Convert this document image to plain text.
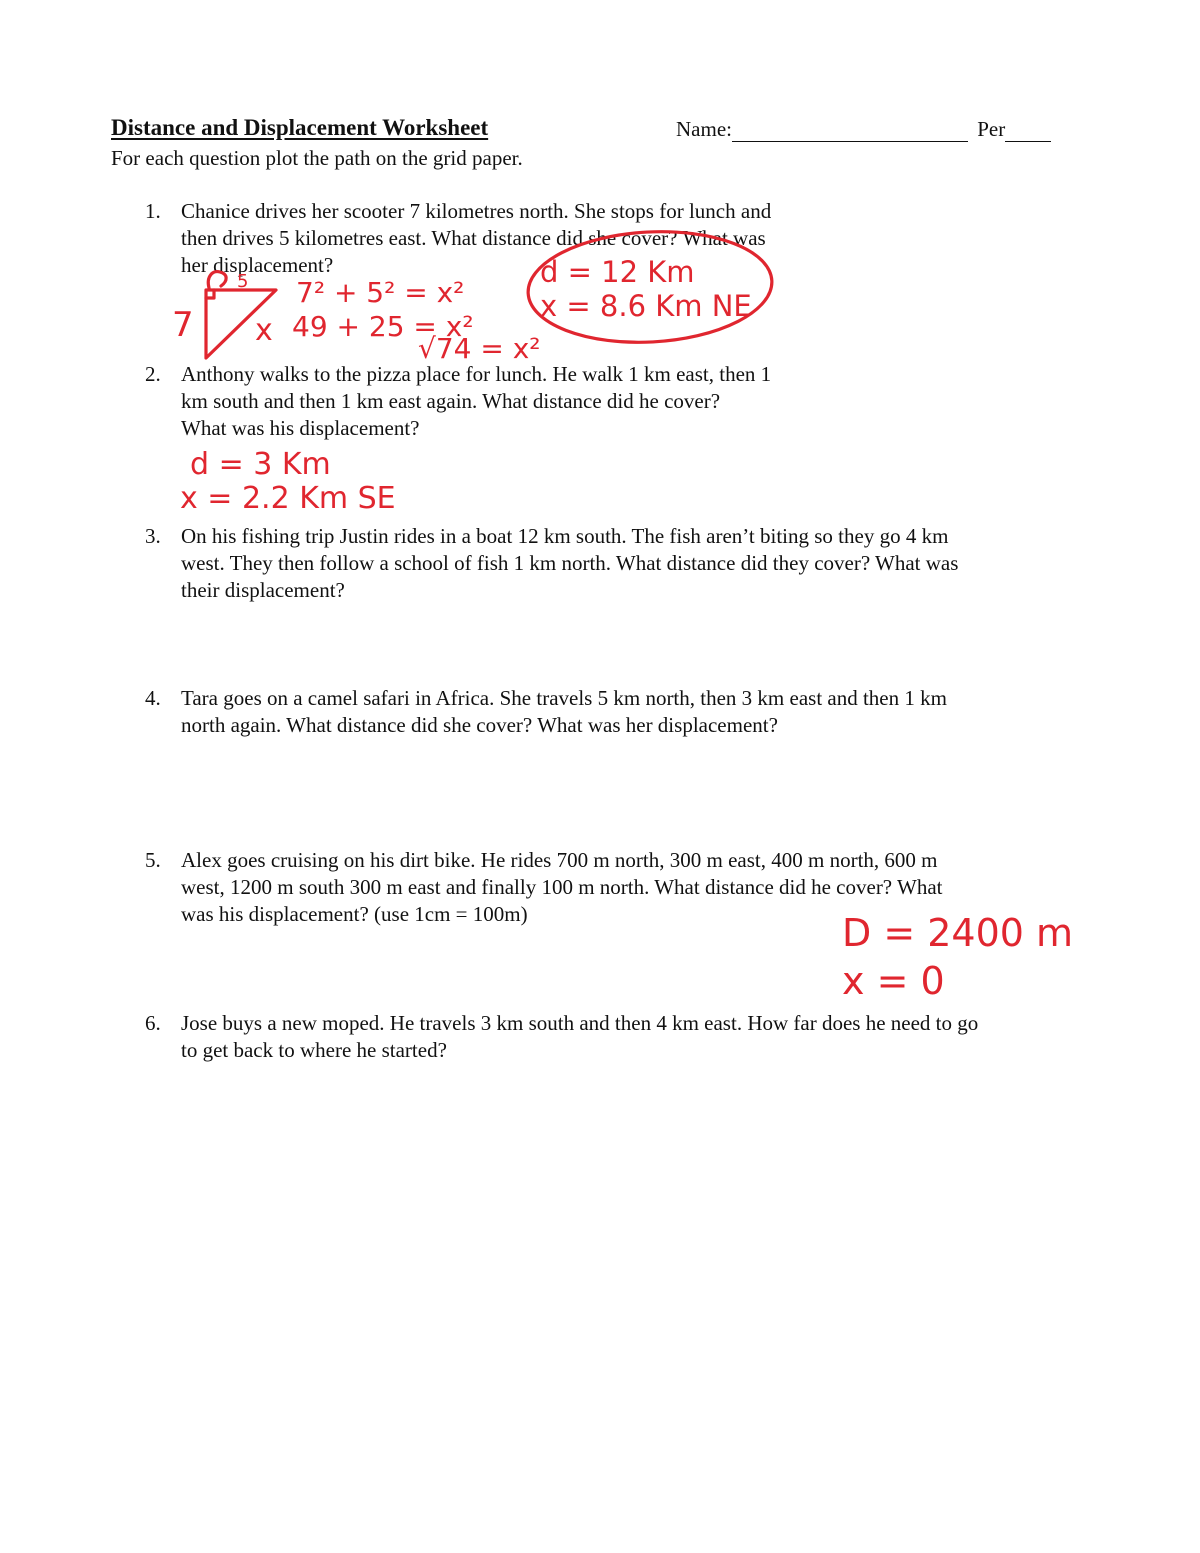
Distance and Displacement Worksheet	Name:	Per
For each question plot the path on the grid paper.
1. Chanice drives her scooter 7 kilometres north. She stops for lunch and
then drives 5 kilometres east. What distance did she cover? What was
her displacement?
2. Anthony walks to the pizza place for lunch. He walk 1 km east, then 1
km south and then 1 km east again. What distance did he cover?
What was his displacement?
3. On his fishing trip Justin rides in a boat 12 km south. The fish aren’t biting so they go 4 km
west. They then follow a school of fish 1 km north. What distance did they cover? What was
their displacement?
4. Tara goes on a camel safari in Africa. She travels 5 km north, then 3 km east and then 1 km
north again. What distance did she cover? What was her displacement?
5. Alex goes cruising on his dirt bike. He rides 700 m north, 300 m east, 400 m north, 600 m
west, 1200 m south 300 m east and finally 100 m north. What distance did he cover? What
was his displacement? (use 1cm = 100m)
6. Jose buys a new moped. He travels 3 km south and then 4 km east. How far does he need to go
to get back to where he started?
5
x
7
7² + 5² = x²
49 + 25 = x²
√74 = x²
d = 12 Km
x = 8.6 Km NE
d = 3 Km
x = 2.2 Km SE
D = 2400 m
x = 0
